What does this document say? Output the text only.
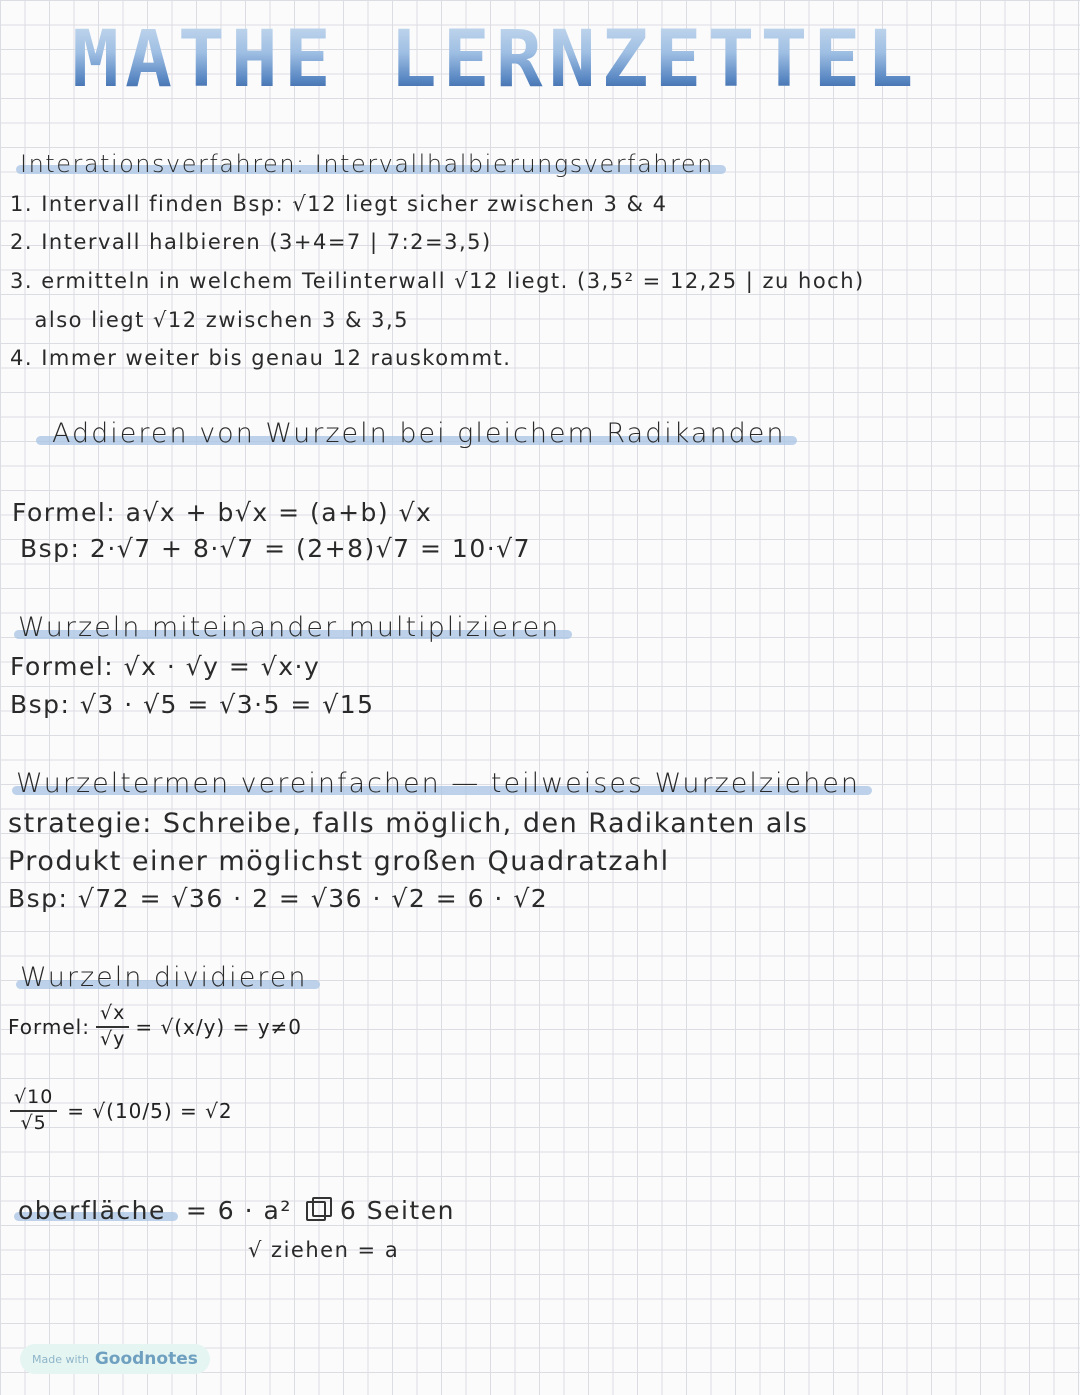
MATHE LERNZETTEL
Interationsverfahren: Intervallhalbierungsverfahren
1. Intervall finden Bsp: √12 liegt sicher zwischen 3 & 4
2. Intervall halbieren (3+4=7 | 7:2=3,5)
3. ermitteln in welchem Teilinterwall √12 liegt. (3,5² = 12,25 | zu hoch)
also liegt √12 zwischen 3 & 3,5
4. Immer weiter bis genau 12 rauskommt.
Addieren von Wurzeln bei gleichem Radikanden
Formel: a√x + b√x = (a+b) √x
Bsp: 2·√7 + 8·√7 = (2+8)√7 = 10·√7
Wurzeln miteinander multiplizieren
Formel: √x · √y = √x·y
Bsp: √3 · √5 = √3·5 = √15
Wurzeltermen vereinfachen — teilweises Wurzelziehen
strategie: Schreibe, falls möglich, den Radikanten als
Produkt einer möglichst großen Quadratzahl
Bsp: √72 = √36 · 2 = √36 · √2 = 6 · √2
Wurzeln dividieren
Formel: $\frac{√x}{√y} = √(x/y) = y\ne 0$
$\frac{√10}{√5} = √(10/5) = √2$
oberfläche = 6 · a² 6 Seiten
√ ziehen = a
Made with Goodnotes
